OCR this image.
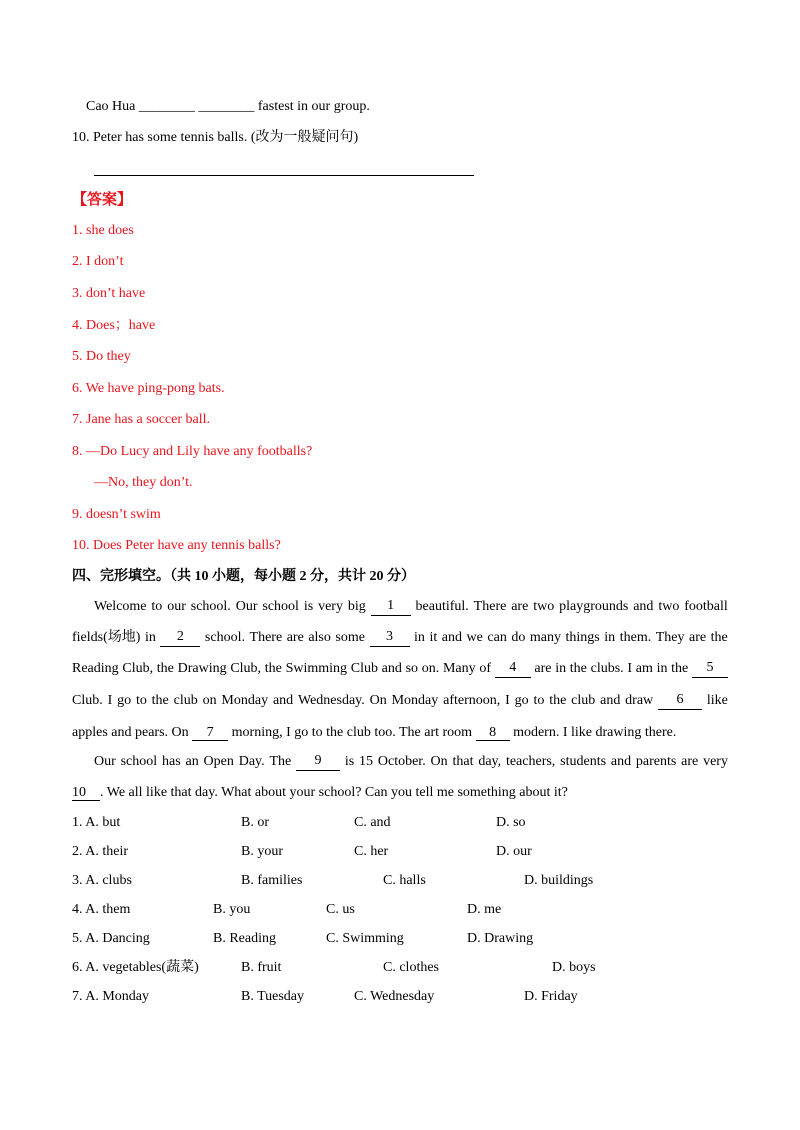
Cao Hua ________ ________ fastest in our group.
10. Peter has some tennis balls. (改为一般疑问句)
【答案】
1. she does
2. I don’t
3. don’t have
4. Does；have
5. Do they
6. We have ping-pong bats.
7. Jane has a soccer ball.
8. —Do Lucy and Lily have any footballs?
—No, they don’t.
9. doesn’t swim
10. Does Peter have any tennis balls?
四、完形填空。（共 10 小题，每小题 2 分，共计 20 分）
Welcome to our school. Our school is very big	1	beautiful. There are two playgrounds and two football
fields(场地) in	2	school. There are also some	3	in it and we can do many things in them. They are the
Reading Club, the Drawing Club, the Swimming Club and so on. Many of	4	are in the clubs. I am in the	5
Club. I go to the club on Monday and Wednesday. On Monday afternoon, I go to the club and draw	6	like
apples and pears. On 7 morning, I go to the club too. The art room 8 modern. I like drawing there.
Our school has an Open Day. The	9	is 15 October. On that day, teachers, students and parents are very
10 . We all like that day. What about your school? Can you tell me something about it?
1. A. but	B. or	C. and	D. so
2. A. their	B. your	C. her	D. our
3. A. clubs	B. families	C. halls	D. buildings
4. A. them	B. you	C. us	D. me
5. A. Dancing	B. Reading	C. Swimming	D. Drawing
6. A. vegetables(蔬菜)	B. fruit	C. clothes	D. boys
7. A. Monday	B. Tuesday	C. Wednesday	D. Friday
